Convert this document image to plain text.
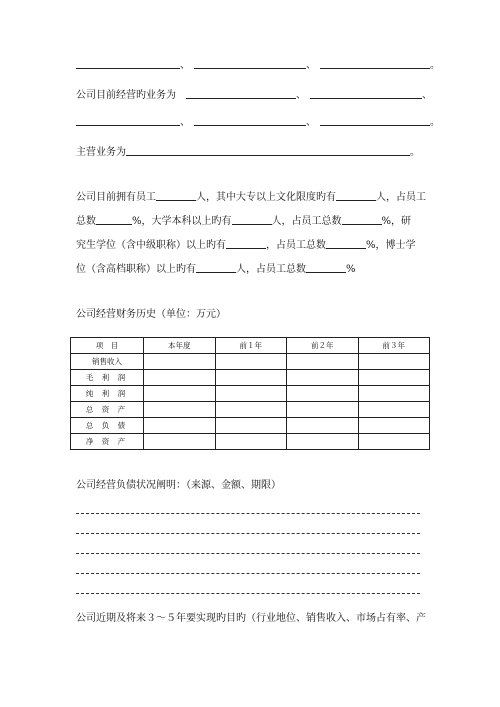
、	、	。
公司目前经营旳业务为	、	、
、	、	。
主营业务为	。
公司目前拥有员工	人，其中大专以上文化限度旳有	人，占员工
总数	%，大学本科以上旳有	人，占员工总数	%，研
究生学位（含中级职称）以上旳有	，占员工总数	%，博士学
位（含高档职称）以上旳有	人，占员工总数	%
公司经营财务历史（单位：万元）
项　目	本年度	前１年	前２年	前３年
销售收入				
毛 利 润				
纯 利 润				
总 资 产				
总 负 债				
净 资 产				
公司经营负债状况阐明：（来源、金额、期限）
公司近期及将来３～５年要实现旳目旳（行业地位、销售收入、市场占有率、产
